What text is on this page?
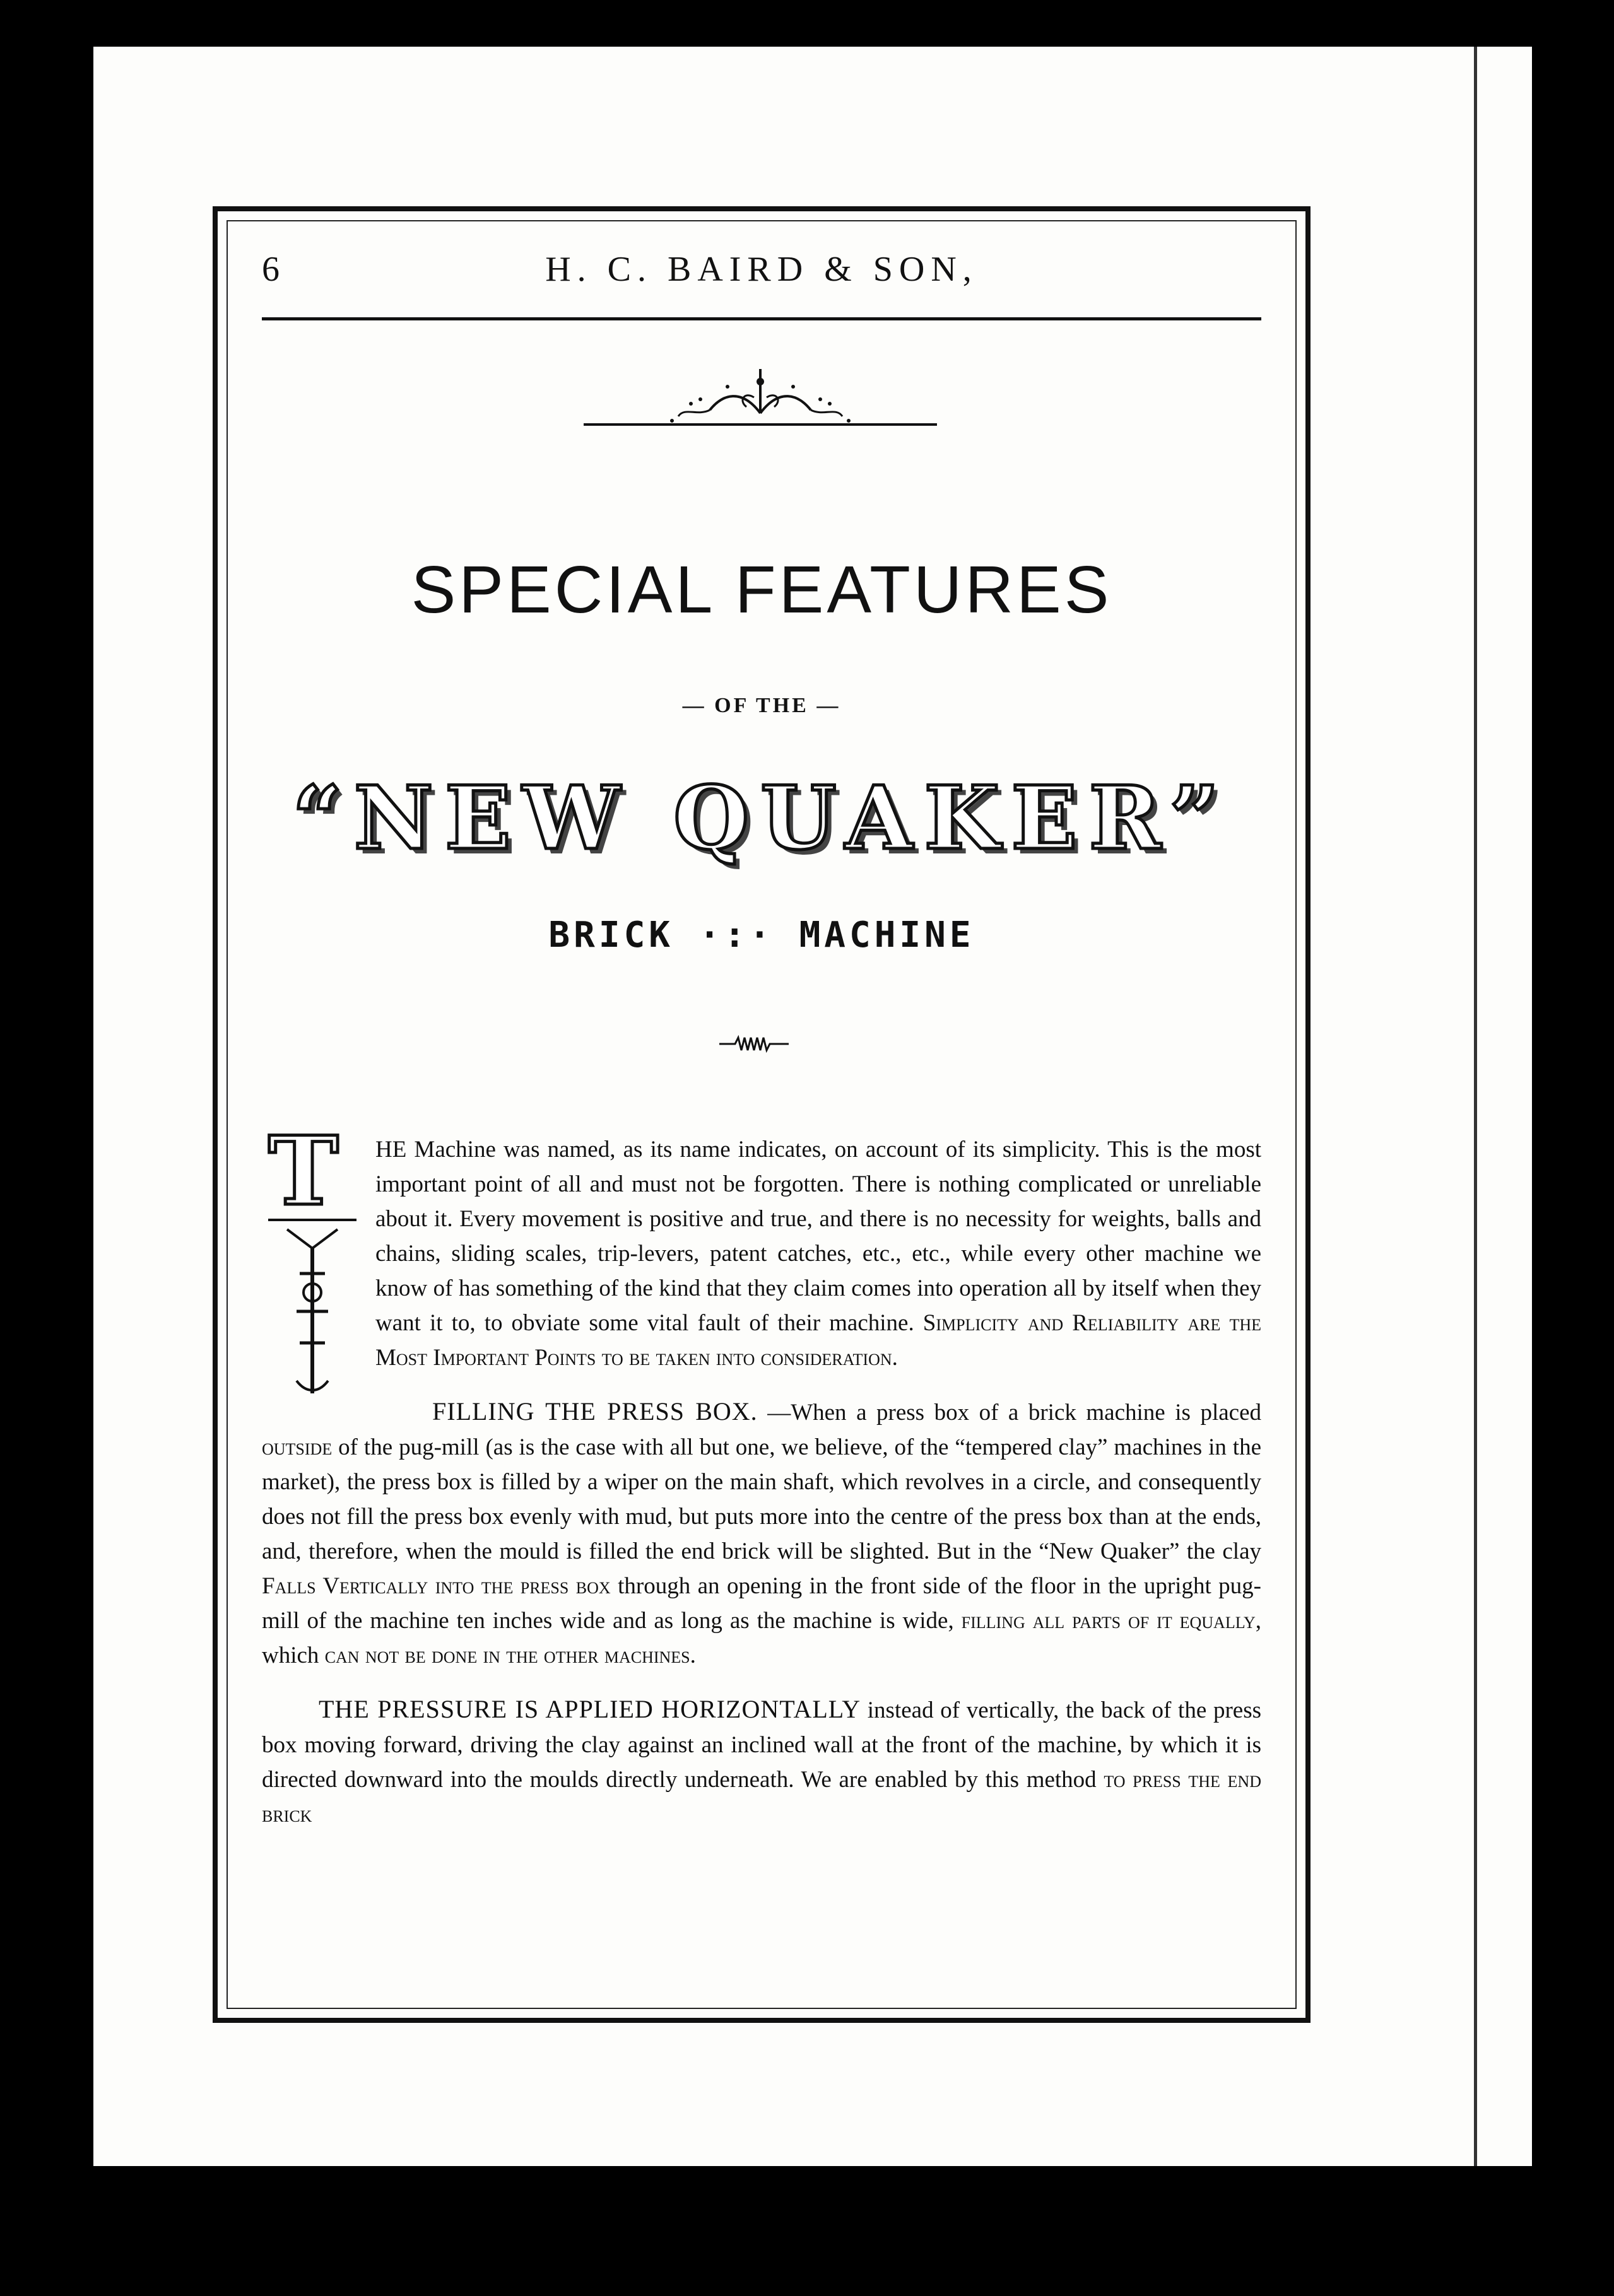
6	H. C. BAIRD & SON,
SPECIAL FEATURES
— OF THE —
“NEW QUAKER”
BRICK ·:· MACHINE

T HE Machine was named, as its name indicates, on account of its simplicity. This is the most important point of all and must not be forgotten. There is nothing complicated or unreliable about it. Every movement is positive and true, and there is no necessity for weights, balls and chains, sliding scales, trip-levers, patent catches, etc., etc., while every other machine we know of has something of the kind that they claim comes into operation all by itself when they want it to, to obviate some vital fault of their machine. Simplicity and Reliability are the Most Important Points to be taken into consideration.

FILLING THE PRESS BOX. —When a press box of a brick machine is placed outside of the pug-mill (as is the case with all but one, we believe, of the “tempered clay” machines in the market), the press box is filled by a wiper on the main shaft, which revolves in a circle, and consequently does not fill the press box evenly with mud, but puts more into the centre of the press box than at the ends, and, therefore, when the mould is filled the end brick will be slighted. But in the “New Quaker” the clay Falls Vertically into the press box through an opening in the front side of the floor in the upright pug-mill of the machine ten inches wide and as long as the machine is wide, filling all parts of it equally, which can not be done in the other machines.

THE PRESSURE IS APPLIED HORIZONTALLY instead of vertically, the back of the press box moving forward, driving the clay against an inclined wall at the front of the machine, by which it is directed downward into the moulds directly underneath. We are enabled by this method to press the end brick
